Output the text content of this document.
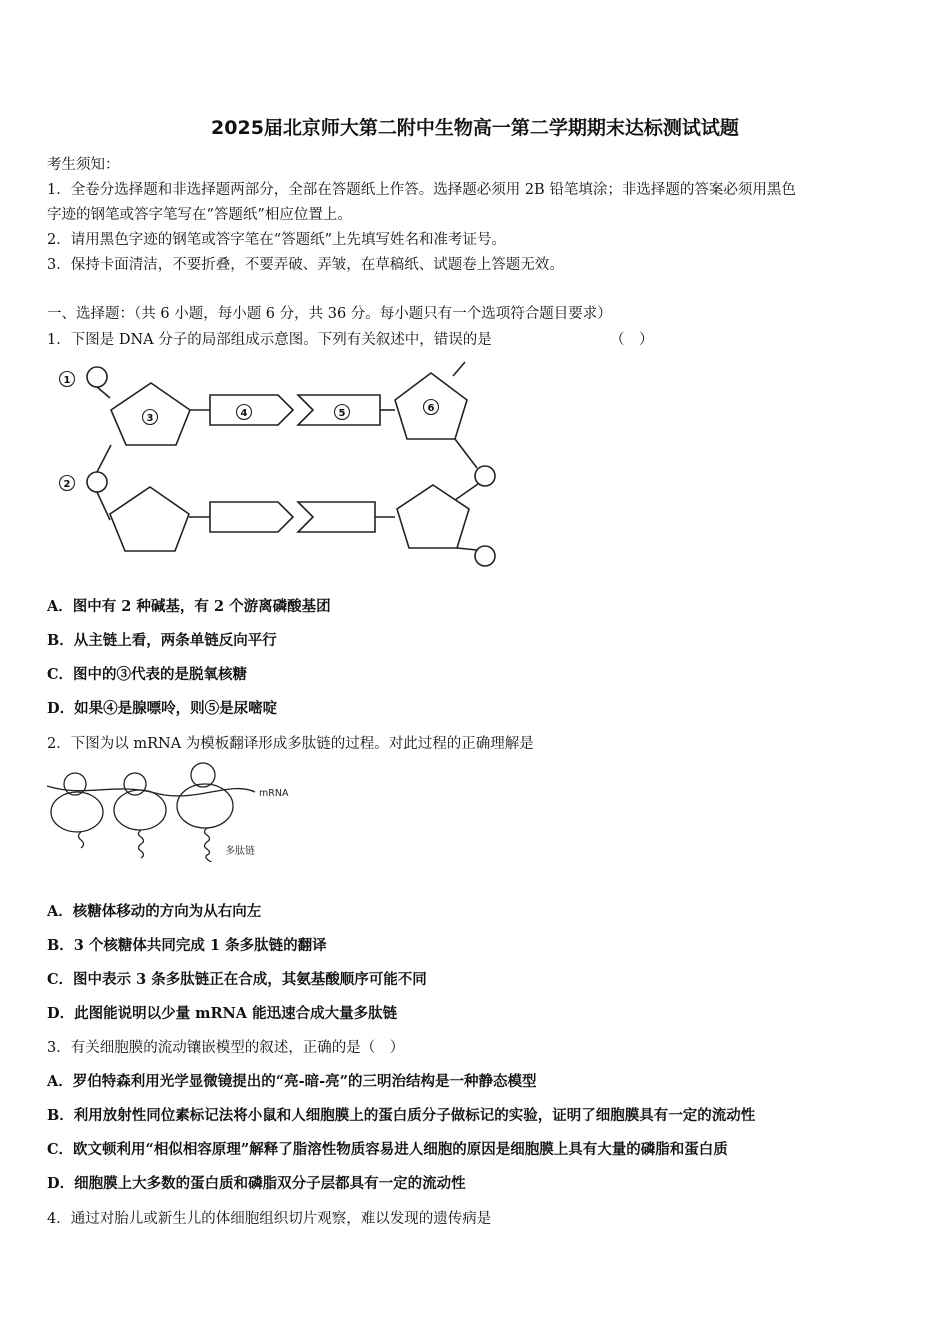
2025届北京师大第二附中生物高一第二学期期末达标测试试题
考生须知：
1．全卷分选择题和非选择题两部分，全部在答题纸上作答。选择题必须用 2B 铅笔填涂；非选择题的答案必须用黑色
字迹的钢笔或答字笔写在“答题纸”相应位置上。
2．请用黑色字迹的钢笔或答字笔在“答题纸”上先填写姓名和准考证号。
3．保持卡面清洁，不要折叠，不要弄破、弄皱，在草稿纸、试题卷上答题无效。
一、选择题：（共 6 小题，每小题 6 分，共 36 分。每小题只有一个选项符合题目要求）
1．下图是 DNA 分子的局部组成示意图。下列有关叙述中，错误的是	（　）
1
2
3	4	5	6
A．图中有 2 种碱基，有 2 个游离磷酸基团
B．从主链上看，两条单链反向平行
C．图中的③代表的是脱氧核糖
D．如果④是腺嘌呤，则⑤是尿嘧啶
2．下图为以 mRNA 为模板翻译形成多肽链的过程。对此过程的正确理解是
mRNA
多肽链
A．核糖体移动的方向为从右向左
B．3 个核糖体共同完成 1 条多肽链的翻译
C．图中表示 3 条多肽链正在合成，其氨基酸顺序可能不同
D．此图能说明以少量 mRNA 能迅速合成大量多肽链
3．有关细胞膜的流动镶嵌模型的叙述，正确的是（　）
A．罗伯特森利用光学显微镜提出的“亮-暗-亮”的三明治结构是一种静态模型
B．利用放射性同位素标记法将小鼠和人细胞膜上的蛋白质分子做标记的实验，证明了细胞膜具有一定的流动性
C．欧文顿利用“相似相容原理”解释了脂溶性物质容易进人细胞的原因是细胞膜上具有大量的磷脂和蛋白质
D．细胞膜上大多数的蛋白质和磷脂双分子层都具有一定的流动性
4．通过对胎儿或新生儿的体细胞组织切片观察，难以发现的遗传病是
